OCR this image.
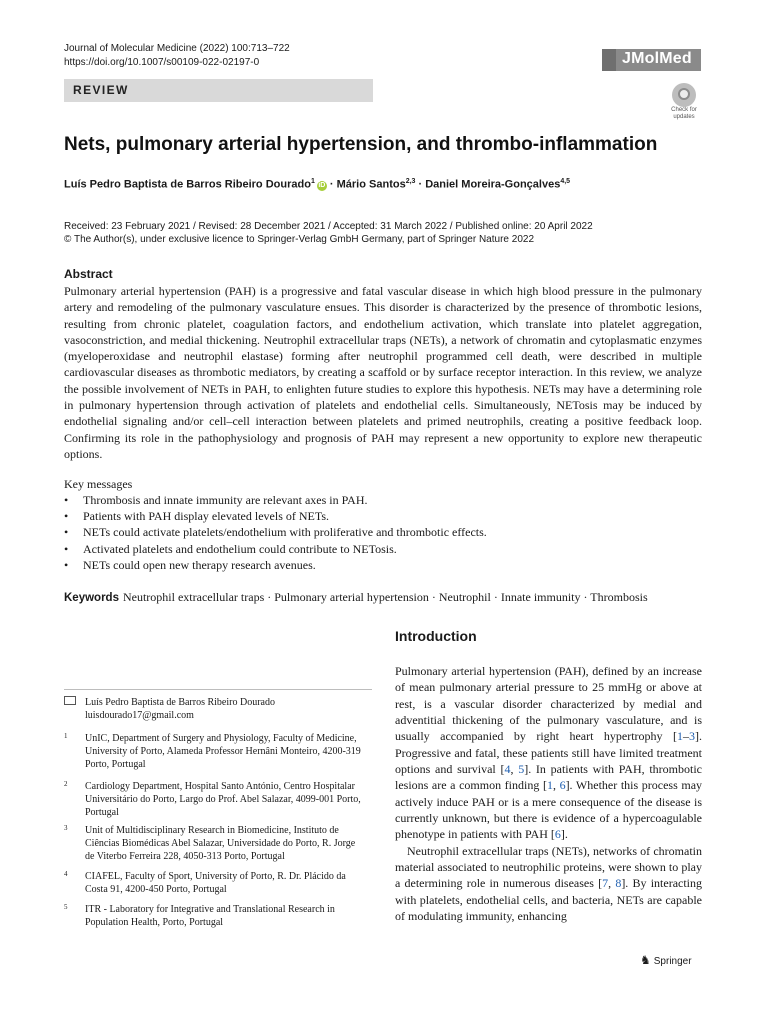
Journal of Molecular Medicine (2022) 100:713–722
https://doi.org/10.1007/s00109-022-02197-0	JMolMed
REVIEW
Check for updates
Nets, pulmonary arterial hypertension, and thrombo-inflammation
Luís Pedro Baptista de Barros Ribeiro Dourado$^1$iD · Mário Santos$^{2,3}$ · Daniel Moreira-Gonçalves$^{4,5}$
Received: 23 February 2021 / Revised: 28 December 2021 / Accepted: 31 March 2022 / Published online: 20 April 2022
© The Author(s), under exclusive licence to Springer-Verlag GmbH Germany, part of Springer Nature 2022
Abstract
Pulmonary arterial hypertension (PAH) is a progressive and fatal vascular disease in which high blood pressure in the pulmonary artery and remodeling of the pulmonary vasculature ensues. This disorder is characterized by the presence of thrombotic lesions, resulting from chronic platelet, coagulation factors, and endothelium activation, which translate into platelet aggregation, vasoconstriction, and medial thickening. Neutrophil extracellular traps (NETs), a network of chromatin and cytoplasmatic enzymes (myeloperoxidase and neutrophil elastase) forming after neutrophil programmed cell death, were described in multiple cardiovascular diseases as thrombotic mediators, by creating a scaffold or by surface receptor interaction. In this review, we analyze the possible involvement of NETs in PAH, to enlighten future studies to explore this hypothesis. NETs may have a determining role in pulmonary hypertension through activation of platelets and endothelial cells. Simultaneously, NETosis may be induced by endothelial signaling and/or cell–cell interaction between platelets and primed neutrophils, creating a positive feedback loop. Confirming its role in the pathophysiology and prognosis of PAH may represent a new opportunity to explore new therapeutic options.
Key messages
• Thrombosis and innate immunity are relevant axes in PAH.
• Patients with PAH display elevated levels of NETs.
• NETs could activate platelets/endothelium with proliferative and thrombotic effects.
• Activated platelets and endothelium could contribute to NETosis.
• NETs could open new therapy research avenues.
Keywords Neutrophil extracellular traps · Pulmonary arterial hypertension · Neutrophil · Innate immunity · Thrombosis
Introduction

Pulmonary arterial hypertension (PAH), defined by an increase of mean pulmonary arterial pressure to 25 mmHg or above at rest, is a vascular disorder characterized by medial and adventitial thickening of the pulmonary vasculature, and is usually accompanied by right heart hypertrophy [1–3]. Progressive and fatal, these patients still have limited treatment options and survival [4, 5]. In patients with PAH, thrombotic lesions are a common finding [1, 6]. Whether this process may actively induce PAH or is a mere consequence of the disease is currently unknown, but there is evidence of a hypercoagulable phenotype in patients with PAH [6].

Neutrophil extracellular traps (NETs), networks of chromatin material associated to neutrophilic proteins, were shown to play a determining role in numerous diseases [7, 8]. By interacting with platelets, endothelial cells, and bacteria, NETs are capable of modulating immunity, enhancing

Luís Pedro Baptista de Barros Ribeiro Dourado
luisdourado17@gmail.com
1	UnIC, Department of Surgery and Physiology, Faculty of Medicine, University of Porto, Alameda Professor Hernâni Monteiro, 4200-319 Porto, Portugal
2	Cardiology Department, Hospital Santo António, Centro Hospitalar Universitário do Porto, Largo do Prof. Abel Salazar, 4099-001 Porto, Portugal
3	Unit of Multidisciplinary Research in Biomedicine, Instituto de Ciências Biomédicas Abel Salazar, Universidade do Porto, R. Jorge de Viterbo Ferreira 228, 4050-313 Porto, Portugal
4	CIAFEL, Faculty of Sport, University of Porto, R. Dr. Plácido da Costa 91, 4200-450 Porto, Portugal
5	ITR - Laboratory for Integrative and Translational Research in Population Health, Porto, Portugal
♞ Springer
